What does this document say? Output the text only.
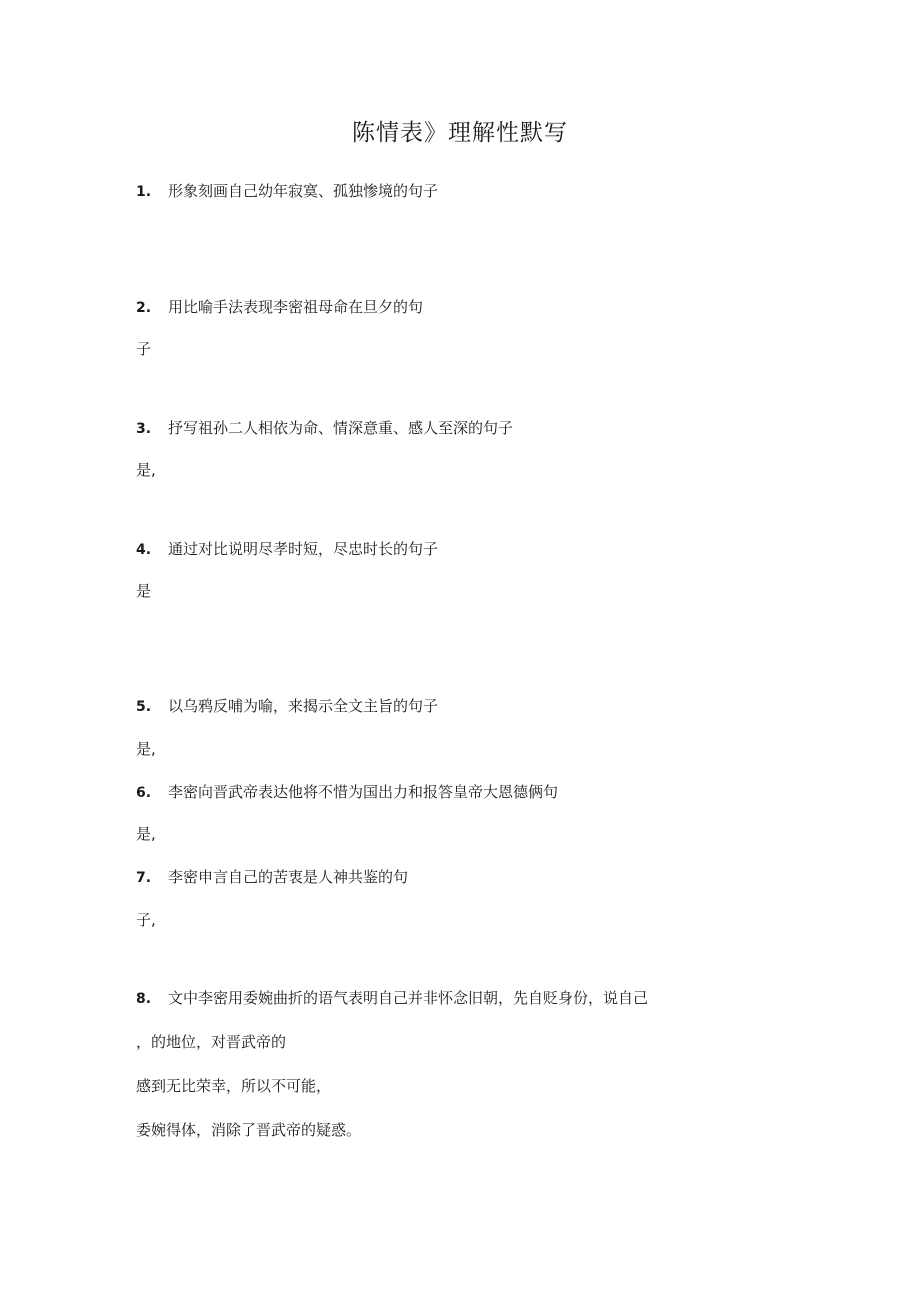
陈情表》理解性默写

1. 形象刻画自己幼年寂寞、孤独惨境的句子

2. 用比喻手法表现李密祖母命在旦夕的句

子

3. 抒写祖孙二人相依为命、情深意重、感人至深的句子

是,

4. 通过对比说明尽孝时短，尽忠时长的句子

是

5. 以乌鸦反哺为喻，来揭示全文主旨的句子

是,

6. 李密向晋武帝表达他将不惜为国出力和报答皇帝大恩德俩句

是,

7. 李密申言自己的苦衷是人神共鉴的句

子,

8. 文中李密用委婉曲折的语气表明自己并非怀念旧朝，先自贬身份，说自己

，的地位，对晋武帝的

感到无比荣幸，所以不可能，

委婉得体，消除了晋武帝的疑惑。
